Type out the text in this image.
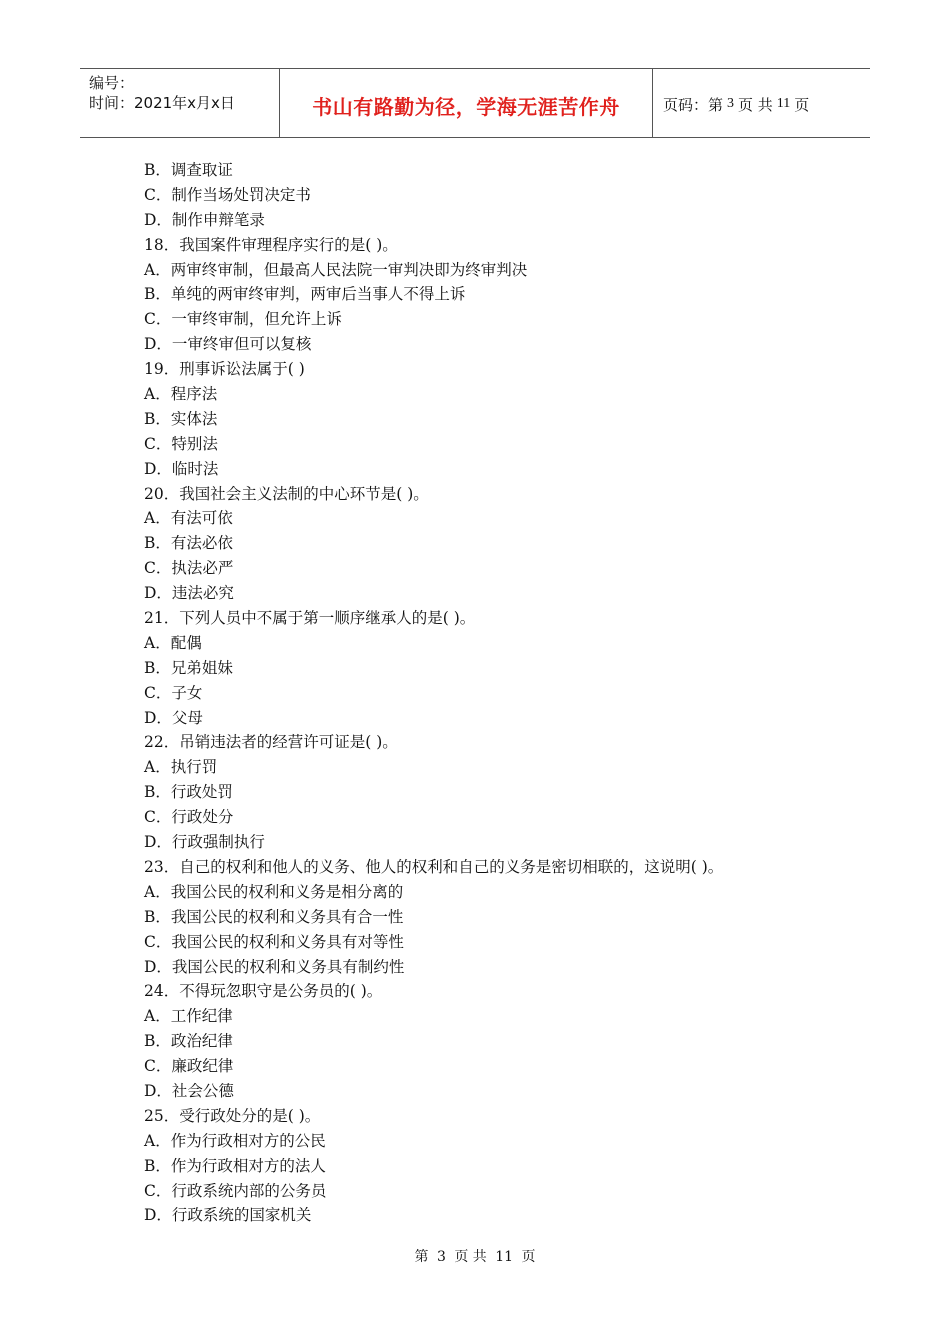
编号：
时间：2021年x月x日	书山有路勤为径，学海无涯苦作舟	页码：第 3 页 共 11 页
B．调查取证
C．制作当场处罚决定书
D．制作申辩笔录
18．我国案件审理程序实行的是( )。
A．两审终审制，但最高人民法院一审判决即为终审判决
B．单纯的两审终审判，两审后当事人不得上诉
C．一审终审制，但允许上诉
D．一审终审但可以复核
19．刑事诉讼法属于( )
A．程序法
B．实体法
C．特别法
D．临时法
20．我国社会主义法制的中心环节是( )。
A．有法可依
B．有法必依
C．执法必严
D．违法必究
21．下列人员中不属于第一顺序继承人的是( )。
A．配偶
B．兄弟姐妹
C．子女
D．父母
22．吊销违法者的经营许可证是( )。
A．执行罚
B．行政处罚
C．行政处分
D．行政强制执行
23．自己的权利和他人的义务、他人的权利和自己的义务是密切相联的，这说明( )。
A．我国公民的权利和义务是相分离的
B．我国公民的权利和义务具有合一性
C．我国公民的权利和义务具有对等性
D．我国公民的权利和义务具有制约性
24．不得玩忽职守是公务员的( )。
A．工作纪律
B．政治纪律
C．廉政纪律
D．社会公德
25．受行政处分的是( )。
A．作为行政相对方的公民
B．作为行政相对方的法人
C．行政系统内部的公务员
D．行政系统的国家机关
第 3 页 共 11 页
